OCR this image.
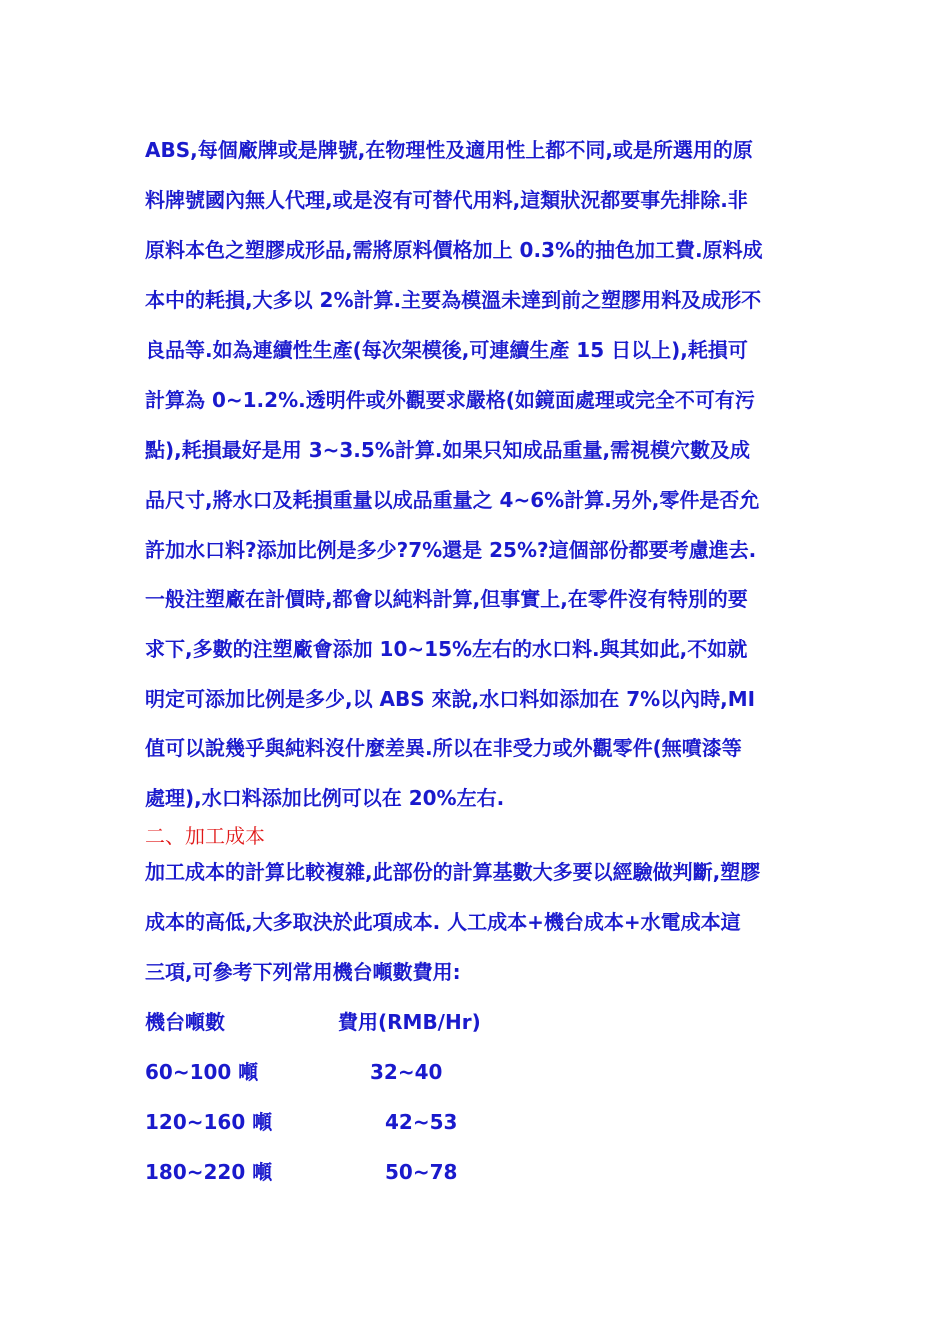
ABS,每個廠牌或是牌號,在物理性及適用性上都不同,或是所選用的原
料牌號國內無人代理,或是沒有可替代用料,這類狀況都要事先排除.非
原料本色之塑膠成形品,需將原料價格加上 0.3%的抽色加工費.原料成
本中的耗損,大多以 2%計算.主要為模溫未達到前之塑膠用料及成形不
良品等.如為連續性生產(每次架模後,可連續生產 15 日以上),耗損可
計算為 0~1.2%.透明件或外觀要求嚴格(如鏡面處理或完全不可有污
點),耗損最好是用 3~3.5%計算.如果只知成品重量,需視模穴數及成
品尺寸,將水口及耗損重量以成品重量之 4~6%計算.另外,零件是否允
許加水口料?添加比例是多少?7%還是 25%?這個部份都要考慮進去.
一般注塑廠在計價時,都會以純料計算,但事實上,在零件沒有特別的要
求下,多數的注塑廠會添加 10~15%左右的水口料.與其如此,不如就
明定可添加比例是多少,以 ABS 來說,水口料如添加在 7%以內時,MI
值可以說幾乎與純料沒什麼差異.所以在非受力或外觀零件(無噴漆等
處理),水口料添加比例可以在 20%左右.
二、加工成本
加工成本的計算比較複雜,此部份的計算基數大多要以經驗做判斷,塑膠
成本的高低,大多取決於此項成本. 人工成本+機台成本+水電成本這
三項,可參考下列常用機台噸數費用:
機台噸數	費用(RMB/Hr)
60~100 噸	32~40
120~160 噸	42~53
180~220 噸	50~78
